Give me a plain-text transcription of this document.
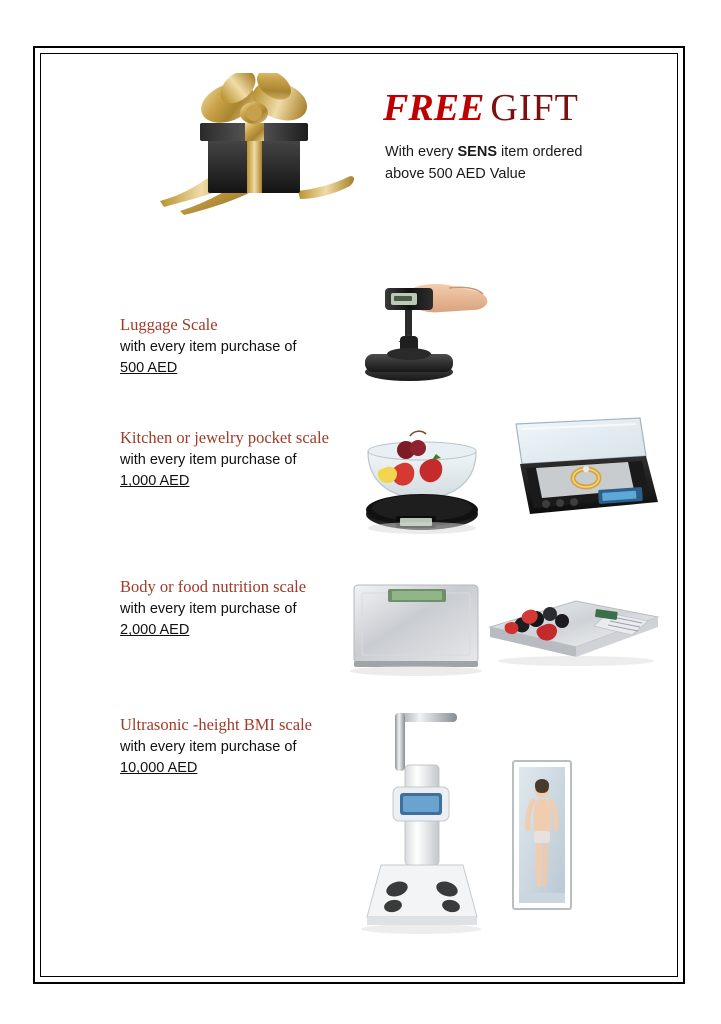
FREE GIFT
With every SENS item ordered
above 500 AED Value
Luggage Scale
with every item purchase of
500 AED
Kitchen or jewelry pocket scale
with every item purchase of
1,000 AED
Body or food nutrition scale
with every item purchase of
2,000 AED
Ultrasonic -height BMI scale
with every item purchase of
10,000 AED
